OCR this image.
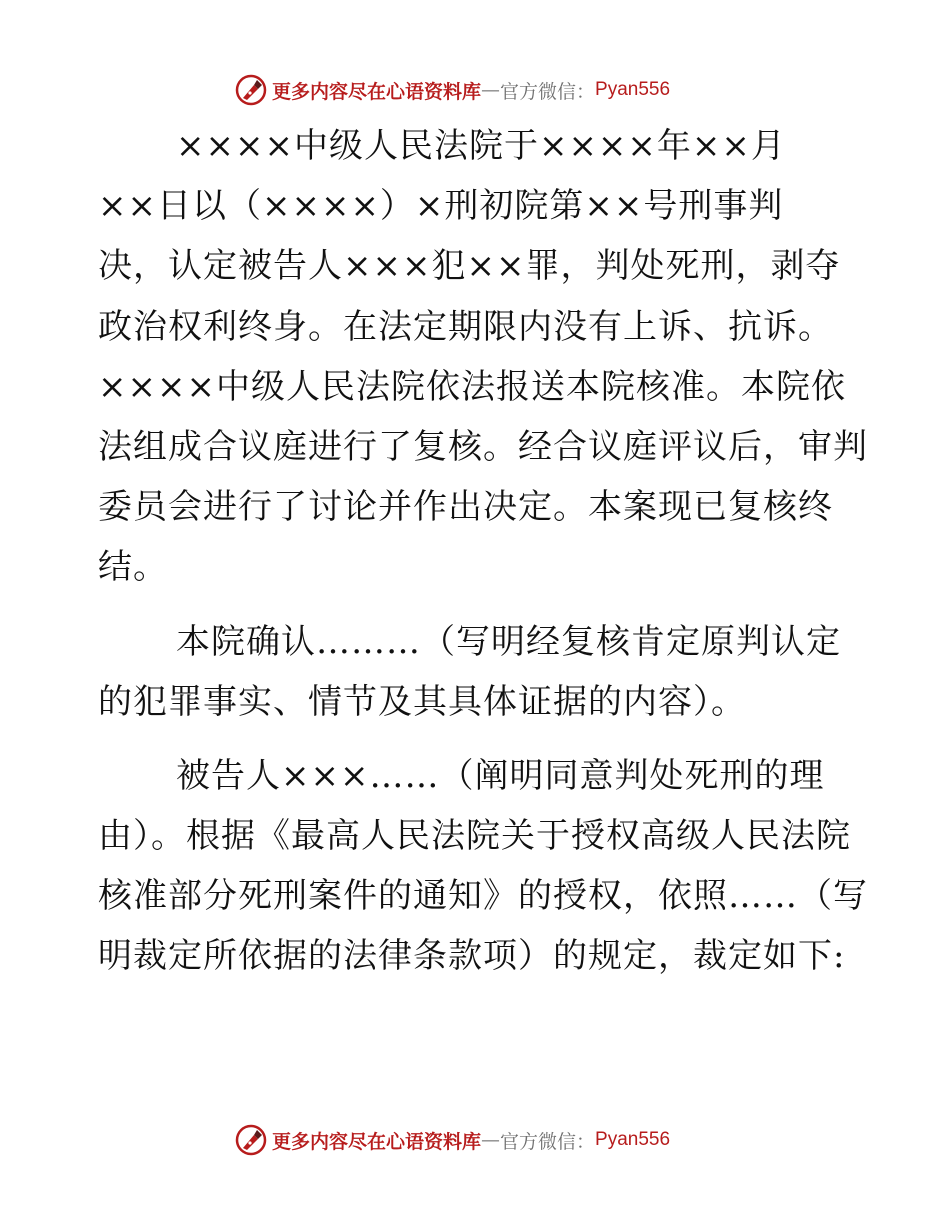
更多内容尽在心语资料库 — 官方微信： Pyan556
××××中级人民法院于××××年××月
××日以（××××）×刑初院第××号刑事判
决，认定被告人×××犯××罪，判处死刑，剥夺
政治权利终身。在法定期限内没有上诉、抗诉。
××××中级人民法院依法报送本院核准。本院依
法组成合议庭进行了复核。经合议庭评议后，审判
委员会进行了讨论并作出决定。本案现已复核终
结。
本院确认………（写明经复核肯定原判认定
的犯罪事实、情节及其具体证据的内容）。
被告人×××……（阐明同意判处死刑的理
由）。根据《最高人民法院关于授权高级人民法院
核准部分死刑案件的通知》的授权，依照……（写
明裁定所依据的法律条款项）的规定，裁定如下:
更多内容尽在心语资料库 — 官方微信： Pyan556
